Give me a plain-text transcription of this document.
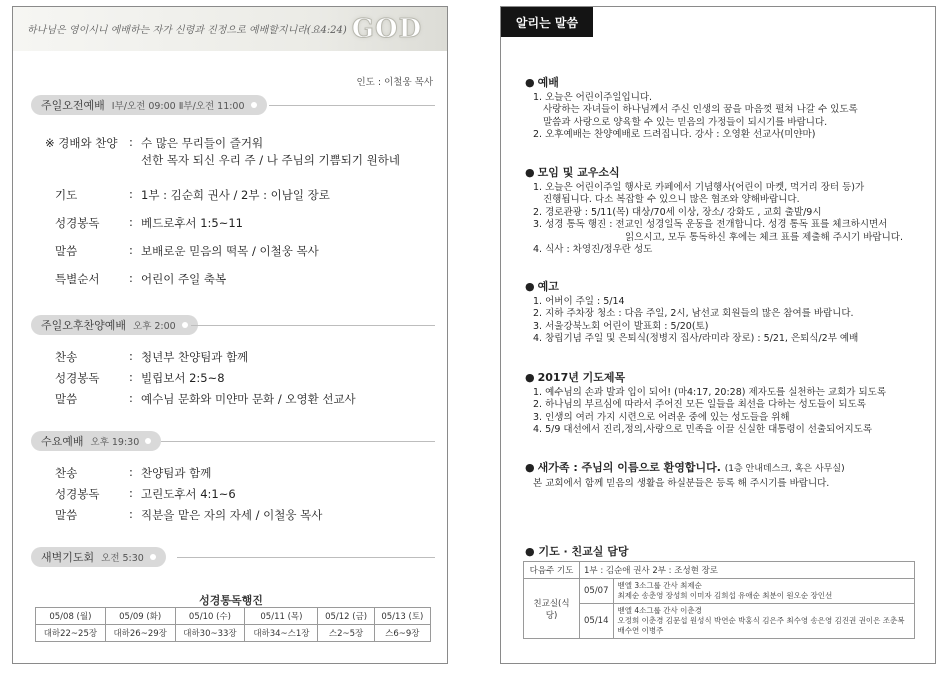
하나님은 영이시니 예배하는 자가 신령과 진정으로 예배할지니라(요4:24) GOD
인도 : 이철웅 목사
주일오전예배 Ⅰ부/오전 09:00 Ⅱ부/오전 11:00
※ 경배와 찬양	: 수 많은 무리들이 즐거워
선한 목자 되신 우리 주 / 나 주님의 기쁨되기 원하네
기도	: 1부 : 김순희 권사 / 2부 : 이남일 장로
성경봉독	: 베드로후서 1:5~11
말씀	: 보배로운 믿음의 떡목 / 이철웅 목사
특별순서	: 어린이 주일 축복
주일오후찬양예배 오후 2:00
찬송	: 청년부 찬양팀과 함께
성경봉독	: 빌립보서 2:5~8
말씀	: 예수님 문화와 미얀마 문화 / 오영환 선교사
수요예배 오후 19:30
찬송	: 찬양팀과 함께
성경봉독	: 고린도후서 4:1~6
말씀	: 직분을 맡은 자의 자세 / 이철웅 목사
새벽기도회 오전 5:30
성경통독행진
05/08 (월)	05/09 (화)	05/10 (수)	05/11 (목)	05/12 (금)	05/13 (토)
대하22~25장	대하26~29장	대하30~33장	대하34~스1장	스2~5장	스6~9장
알리는 말씀
● 예배
1. 오늘은 어린이주일입니다.
사랑하는 자녀들이 하나님께서 주신 인생의 꿈을 마음껏 펼쳐 나갈 수 있도록
말씀과 사랑으로 양육할 수 있는 믿음의 가정들이 되시기를 바랍니다.
2. 오후예배는 찬양예배로 드려집니다. 강사 : 오영환 선교사(미얀마)
● 모임 및 교우소식
1. 오늘은 어린이주일 행사로 카페에서 기념행사(어린이 마켓, 먹거리 장터 등)가
진행됩니다. 다소 복잡할 수 있으니 많은 협조와 양해바랍니다.
2. 경로관광 : 5/11(목) 대상/70세 이상, 장소/ 강화도 , 교회 출발/9시
3. 성경 통독 행진 : 전교인 성경일독 운동을 전개합니다. 성경 통독 표를 체크하시면서
읽으시고, 모두 통독하신 후에는 체크 표를 제출해 주시기 바랍니다.
4. 식사 : 차영진/정우란 성도
● 예고
1. 어버이 주일 : 5/14
2. 지하 주차장 청소 : 다음 주일, 2시, 남선교 회원들의 많은 참여를 바랍니다.
3. 서울강북노회 어린이 발표회 : 5/20(토)
4. 창립기념 주일 및 은퇴식(정병지 집사/라미라 장로) : 5/21, 은퇴식/2부 예배
● 2017년 기도제목
1. 예수님의 손과 발과 입이 되어! (마4:17, 20:28) 제자도를 실천하는 교회가 되도록
2. 하나님의 부르심에 따라서 주어진 모든 일들을 최선을 다하는 성도들이 되도록
3. 인생의 여러 가지 시련으로 어려운 중에 있는 성도들을 위해
4. 5/9 대선에서 진리,정의,사랑으로 민족을 이끌 신실한 대통령이 선출되어지도록
● 새가족 : 주님의 이름으로 환영합니다. (1층 안내데스크, 혹은 사무실)
본 교회에서 함께 믿음의 생활을 하실분들은 등록 해 주시기를 바랍니다.
● 기도 · 친교실 담당
다음주 기도	1부 : 김순애 권사 2부 : 조성현 장로	
친교실(식당)	05/07	벧엘 3소그룹 간사 최제순
최제순 송춘영 장성희 이미자 김희섭 유애순 최분이 원오순 장인선

	05/14	벧엘 4소그룹 간사 이춘경
오정희 이춘경 김문섭 원성식 박연순 박홍식 김은주 최수영 송은영 김진권 권이은 조춘복
배수연 이병주
